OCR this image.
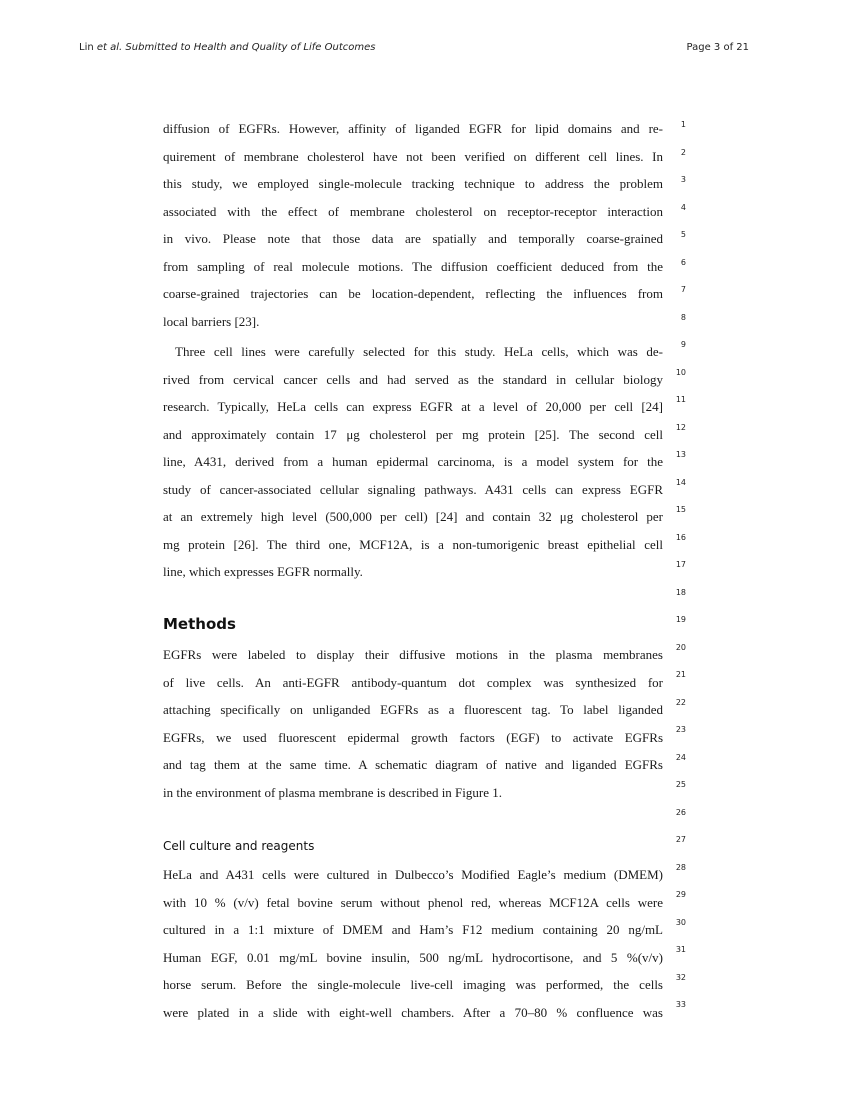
Lin et al. Submitted to Health and Quality of Life Outcomes	Page 3 of 21
diffusion of EGFRs. However, affinity of liganded EGFR for lipid domains and re-
quirement of membrane cholesterol have not been verified on different cell lines. In
this study, we employed single-molecule tracking technique to address the problem
associated with the effect of membrane cholesterol on receptor-receptor interaction
in vivo. Please note that those data are spatially and temporally coarse-grained
from sampling of real molecule motions. The diffusion coefficient deduced from the
coarse-grained trajectories can be location-dependent, reflecting the influences from
local barriers [23].
Three cell lines were carefully selected for this study. HeLa cells, which was de-
rived from cervical cancer cells and had served as the standard in cellular biology
research. Typically, HeLa cells can express EGFR at a level of 20,000 per cell [24]
and approximately contain 17 μg cholesterol per mg protein [25]. The second cell
line, A431, derived from a human epidermal carcinoma, is a model system for the
study of cancer-associated cellular signaling pathways. A431 cells can express EGFR
at an extremely high level (500,000 per cell) [24] and contain 32 μg cholesterol per
mg protein [26]. The third one, MCF12A, is a non-tumorigenic breast epithelial cell
line, which expresses EGFR normally.
Methods
EGFRs were labeled to display their diffusive motions in the plasma membranes
of live cells. An anti-EGFR antibody-quantum dot complex was synthesized for
attaching specifically on unliganded EGFRs as a fluorescent tag. To label liganded
EGFRs, we used fluorescent epidermal growth factors (EGF) to activate EGFRs
and tag them at the same time. A schematic diagram of native and liganded EGFRs
in the environment of plasma membrane is described in Figure 1.
Cell culture and reagents
HeLa and A431 cells were cultured in Dulbecco’s Modified Eagle’s medium (DMEM)
with 10 % (v/v) fetal bovine serum without phenol red, whereas MCF12A cells were
cultured in a 1:1 mixture of DMEM and Ham’s F12 medium containing 20 ng/mL
Human EGF, 0.01 mg/mL bovine insulin, 500 ng/mL hydrocortisone, and 5 %(v/v)
horse serum. Before the single-molecule live-cell imaging was performed, the cells
were plated in a slide with eight-well chambers. After a 70–80 % confluence was
1
2
3
4
5
6
7
8
9
10
11
12
13
14
15
16
17
18
19
20
21
22
23
24
25
26
27
28
29
30
31
32
33
